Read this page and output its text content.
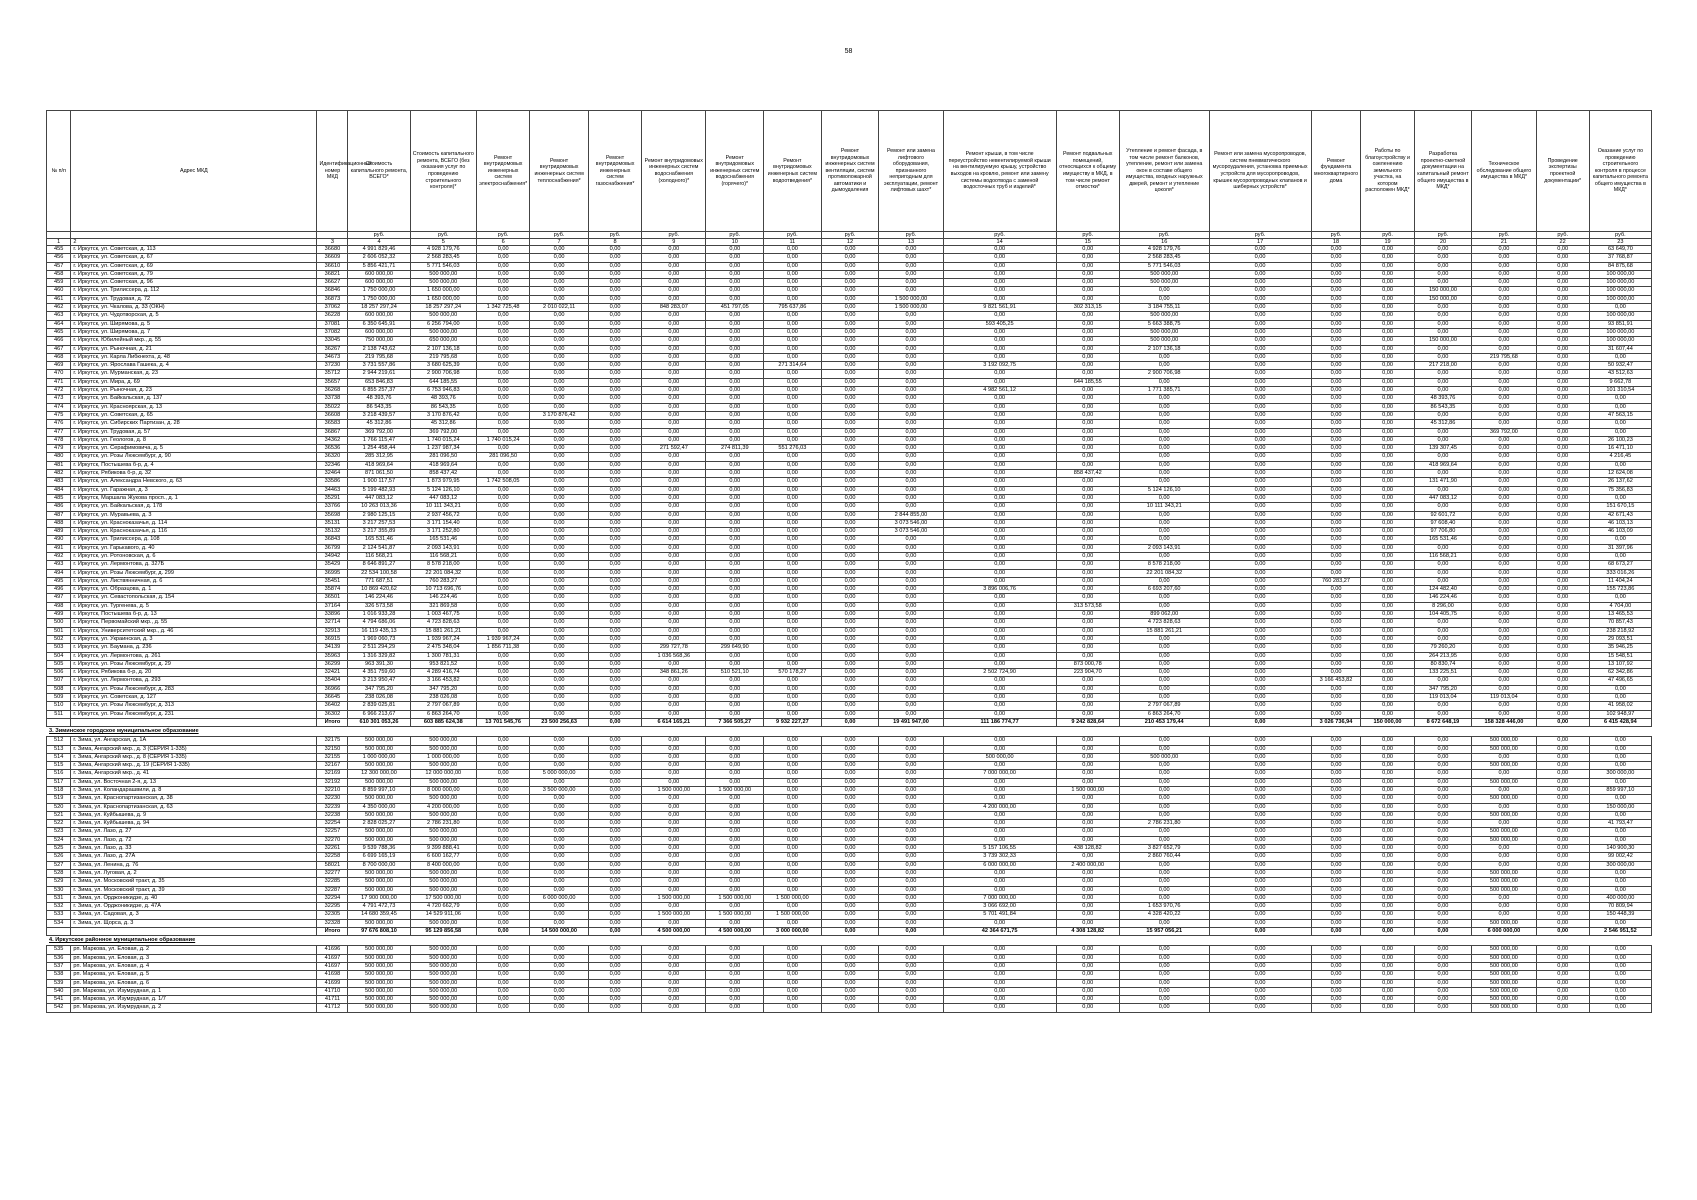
58
№ п/п	Адрес МКД	Идентификационный номер МКД	Стоимость капитального ремонта, ВСЕГО*	Стоимость капитального ремонта, ВСЕГО (без оказания услуг по проведению строительного контроля)*	Ремонт внутридомовых инженерных систем электроснабжения*	Ремонт внутридомовых инженерных систем теплоснабжения*	Ремонт внутридомовых инженерных систем газоснабжения*	Ремонт внутридомовых инженерных систем водоснабжения (холодного)*	Ремонт внутридомовых инженерных систем водоснабжения (горячего)*	Ремонт внутридомовых инженерных систем водоотведения*	Ремонт внутридомовых инженерных систем вентиляции, систем противопожарной автоматики и дымоудаления	Ремонт или замена лифтового оборудования, признанного непригодным для эксплуатации, ремонт лифтовых шахт*	Ремонт крыши, в том числе переустройство невентилируемой крыши на вентилируемую крышу, устройство выходов на кровлю, ремонт или замену системы водоотвода с заменой водосточных труб и изделий*	Ремонт подвальных помещений, относящихся к общему имуществу в МКД, в том числе ремонт отмостки*	Утепление и ремонт фасада, в том числе ремонт балконов, утепление, ремонт или замена окон в составе общего имущества, входных наружных дверей, ремонт и утепление цоколя*	Ремонт или замена мусоропроводов, систем пневматического мусороудаления, установка приемных устройств для мусоропроводов, крышек мусоропроводных клапанов и шиберных устройств*	Ремонт фундамента многоквартирного дома	Работы по благоустройству и озеленению земельного участка, на котором расположен МКД*	Разработка проектно-сметной документации на капитальный ремонт общего имущества в МКД*	Техническое обследование общего имущества в МКД*	Проведение экспертизы проектной документации*	Оказание услуг по проведению строительного контроля в процессе капитального ремонта общего имущества в МКД*
			руб.	руб.	руб.	руб.	руб.	руб.	руб.	руб.	руб.	руб.	руб.	руб.	руб.	руб.	руб.	руб.	руб.	руб.	руб.	руб.
1	2	3	4	5	6	7	8	9	10	11	12	13	14	15	16	17	18	19	20	21	22	23
455	г. Иркутск, ул. Советская, д. 113	36680	4 991 829,46	4 928 179,76	0,00	0,00	0,00	0,00	0,00	0,00	0,00	0,00	0,00	0,00	4 928 179,76	0,00	0,00	0,00	0,00	0,00	0,00	63 649,70
456	г. Иркутск, ул. Советская, д. 67	36609	2 606 052,32	2 568 283,45	0,00	0,00	0,00	0,00	0,00	0,00	0,00	0,00	0,00	0,00	2 568 283,45	0,00	0,00	0,00	0,00	0,00	0,00	37 768,87
457	г. Иркутск, ул. Советская, д. 69	36610	5 856 421,71	5 771 546,03	0,00	0,00	0,00	0,00	0,00	0,00	0,00	0,00	0,00	0,00	5 771 546,03	0,00	0,00	0,00	0,00	0,00	0,00	84 875,68
458	г. Иркутск, ул. Советская, д. 79	36821	600 000,00	500 000,00	0,00	0,00	0,00	0,00	0,00	0,00	0,00	0,00	0,00	0,00	500 000,00	0,00	0,00	0,00	0,00	0,00	0,00	100 000,00
459	г. Иркутск, ул. Советская, д. 96	36627	600 000,00	500 000,00	0,00	0,00	0,00	0,00	0,00	0,00	0,00	0,00	0,00	0,00	500 000,00	0,00	0,00	0,00	0,00	0,00	0,00	100 000,00
460	г. Иркутск, ул. Трилиссера, д. 112	36846	1 750 000,00	1 650 000,00	0,00	0,00	0,00	0,00	0,00	0,00	0,00	0,00	0,00	0,00	0,00	0,00	0,00	0,00	150 000,00	0,00	0,00	100 000,00
461	г. Иркутск, ул. Трудовая, д. 72	36873	1 750 000,00	1 650 000,00	0,00	0,00	0,00	0,00	0,00	0,00	0,00	1 500 000,00	0,00	0,00	0,00	0,00	0,00	0,00	150 000,00	0,00	0,00	100 000,00
462	г. Иркутск, ул. Чкалова, д. 33 (ОКН)	37062	18 257 297,24	18 257 297,24	1 342 725,48	2 010 022,11	0,00	848 283,07	451 797,05	795 637,86	0,00	1 500 000,00	9 821 561,91	302 313,15	3 184 755,11	0,00	0,00	0,00	0,00	0,00	0,00	0,00
463	г. Иркутск, ул. Чудотворская, д. 5	36228	600 000,00	500 000,00	0,00	0,00	0,00	0,00	0,00	0,00	0,00	0,00	0,00	0,00	500 000,00	0,00	0,00	0,00	0,00	0,00	0,00	100 000,00
464	г. Иркутск, ул. Ширямова, д. 5	37081	6 350 645,91	6 256 794,00	0,00	0,00	0,00	0,00	0,00	0,00	0,00	0,00	593 405,25	0,00	5 663 388,75	0,00	0,00	0,00	0,00	0,00	0,00	93 851,91
465	г. Иркутск, ул. Ширямова, д. 7	37082	600 000,00	500 000,00	0,00	0,00	0,00	0,00	0,00	0,00	0,00	0,00	0,00	0,00	500 000,00	0,00	0,00	0,00	0,00	0,00	0,00	100 000,00
466	г. Иркутск, Юбилейный мкр., д. 55	33045	750 000,00	650 000,00	0,00	0,00	0,00	0,00	0,00	0,00	0,00	0,00	0,00	0,00	500 000,00	0,00	0,00	0,00	150 000,00	0,00	0,00	100 000,00
467	г. Иркутск, ул. Рыночная, д. 21	36267	2 138 743,62	2 107 136,18	0,00	0,00	0,00	0,00	0,00	0,00	0,00	0,00	0,00	0,00	2 107 136,18	0,00	0,00	0,00	0,00	0,00	0,00	31 607,44
468	г. Иркутск, ул. Карла Либкнехта, д. 48	34673	219 795,68	219 795,68	0,00	0,00	0,00	0,00	0,00	0,00	0,00	0,00	0,00	0,00	0,00	0,00	0,00	0,00	0,00	219 795,68	0,00	0,00
469	г. Иркутск, ул. Ярослава Гашека, д. 4	37230	3 731 557,86	3 680 625,39	0,00	0,00	0,00	0,00	0,00	271 314,64	0,00	0,00	3 192 092,75	0,00	0,00	0,00	0,00	0,00	217 218,00	0,00	0,00	50 932,47
470	г. Иркутск, ул. Мурманская, д. 23	35712	2 944 219,61	2 900 706,98	0,00	0,00	0,00	0,00	0,00	0,00	0,00	0,00	0,00	0,00	2 900 706,98	0,00	0,00	0,00	0,00	0,00	0,00	43 512,63
471	г. Иркутск, ул. Мира, д. 69	35657	653 846,83	644 185,55	0,00	0,00	0,00	0,00	0,00	0,00	0,00	0,00	0,00	644 185,55	0,00	0,00	0,00	0,00	0,00	0,00	0,00	9 662,78
472	г. Иркутск, ул. Рыночная, д. 23	36268	6 855 257,37	6 753 946,83	0,00	0,00	0,00	0,00	0,00	0,00	0,00	0,00	4 982 561,12	0,00	1 771 385,71	0,00	0,00	0,00	0,00	0,00	0,00	101 310,54
473	г. Иркутск, ул. Байкальская, д. 137	33738	48 393,76	48 393,76	0,00	0,00	0,00	0,00	0,00	0,00	0,00	0,00	0,00	0,00	0,00	0,00	0,00	0,00	48 393,76	0,00	0,00	0,00
474	г. Иркутск, ул. Красноярская, д. 13	35022	86 543,35	86 543,35	0,00	0,00	0,00	0,00	0,00	0,00	0,00	0,00	0,00	0,00	0,00	0,00	0,00	0,00	86 543,35	0,00	0,00	0,00
475	г. Иркутск, ул. Советская, д. 65	36608	3 218 439,57	3 170 876,42	0,00	3 170 876,42	0,00	0,00	0,00	0,00	0,00	0,00	0,00	0,00	0,00	0,00	0,00	0,00	0,00	0,00	0,00	47 563,15
476	г. Иркутск, ул. Сибирских Партизан, д. 28	36583	45 312,86	45 312,86	0,00	0,00	0,00	0,00	0,00	0,00	0,00	0,00	0,00	0,00	0,00	0,00	0,00	0,00	45 312,86	0,00	0,00	0,00
477	г. Иркутск, ул. Трудовая, д. 57	36867	369 792,00	369 792,00	0,00	0,00	0,00	0,00	0,00	0,00	0,00	0,00	0,00	0,00	0,00	0,00	0,00	0,00	0,00	369 792,00	0,00	0,00
478	г. Иркутск, ул. Геологов, д. 8	34362	1 766 115,47	1 740 015,24	1 740 015,24	0,00	0,00	0,00	0,00	0,00	0,00	0,00	0,00	0,00	0,00	0,00	0,00	0,00	0,00	0,00	0,00	26 100,23
479	г. Иркутск, ул. Серафимовича, д. 5	36536	1 254 458,44	1 237 987,34	0,00	0,00	0,00	271 592,47	274 811,39	551 276,03	0,00	0,00	0,00	0,00	0,00	0,00	0,00	0,00	139 307,45	0,00	0,00	16 471,10
480	г. Иркутск, ул. Розы Люксембург, д. 90	36320	285 312,95	281 096,50	281 096,50	0,00	0,00	0,00	0,00	0,00	0,00	0,00	0,00	0,00	0,00	0,00	0,00	0,00	0,00	0,00	0,00	4 216,45
481	г. Иркутск, Постышева б-р, д. 4	32346	418 969,64	418 969,64	0,00	0,00	0,00	0,00	0,00	0,00	0,00	0,00	0,00	0,00	0,00	0,00	0,00	0,00	418 969,64	0,00	0,00	0,00
482	г. Иркутск, Рябикова б-р, д. 32	32464	871 061,50	858 437,42	0,00	0,00	0,00	0,00	0,00	0,00	0,00	0,00	0,00	858 437,42	0,00	0,00	0,00	0,00	0,00	0,00	0,00	12 624,08
483	г. Иркутск, ул. Александра Невского, д. 63	33586	1 900 117,57	1 873 979,95	1 742 508,05	0,00	0,00	0,00	0,00	0,00	0,00	0,00	0,00	0,00	0,00	0,00	0,00	0,00	131 471,90	0,00	0,00	26 137,62
484	г. Иркутск, ул. Гаражная, д. 3	34463	5 199 482,93	5 124 126,10	0,00	0,00	0,00	0,00	0,00	0,00	0,00	0,00	0,00	0,00	5 124 126,10	0,00	0,00	0,00	0,00	0,00	0,00	75 356,83
485	г. Иркутск, Маршала Жукова просп., д. 1	35291	447 083,12	447 083,12	0,00	0,00	0,00	0,00	0,00	0,00	0,00	0,00	0,00	0,00	0,00	0,00	0,00	0,00	447 083,12	0,00	0,00	0,00
486	г. Иркутск, ул. Байкальская, д. 178	33766	10 263 013,36	10 111 343,21	0,00	0,00	0,00	0,00	0,00	0,00	0,00	0,00	0,00	0,00	10 111 343,21	0,00	0,00	0,00	0,00	0,00	0,00	151 670,15
487	г. Иркутск, ул. Муравьева, д. 3	35698	2 980 125,15	2 937 456,72	0,00	0,00	0,00	0,00	0,00	0,00	0,00	2 844 855,00	0,00	0,00	0,00	0,00	0,00	0,00	92 601,72	0,00	0,00	42 671,43
488	г. Иркутск, ул. Красноказачья, д. 114	35131	3 217 257,53	3 171 154,40	0,00	0,00	0,00	0,00	0,00	0,00	0,00	3 073 546,00	0,00	0,00	0,00	0,00	0,00	0,00	97 608,40	0,00	0,00	46 103,13
489	г. Иркутск, ул. Красноказачья, д. 116	35132	3 217 355,89	3 171 252,80	0,00	0,00	0,00	0,00	0,00	0,00	0,00	3 073 546,00	0,00	0,00	0,00	0,00	0,00	0,00	97 706,80	0,00	0,00	46 103,09
490	г. Иркутск, ул. Трилиссера, д. 108	36843	165 531,46	165 531,46	0,00	0,00	0,00	0,00	0,00	0,00	0,00	0,00	0,00	0,00	0,00	0,00	0,00	0,00	165 531,46	0,00	0,00	0,00
491	г. Иркутск, ул. Гарькавого, д. 40	36799	2 124 541,87	2 093 143,91	0,00	0,00	0,00	0,00	0,00	0,00	0,00	0,00	0,00	0,00	2 093 143,91	0,00	0,00	0,00	0,00	0,00	0,00	31 397,96
492	г. Иркутск, ул. Ротоновская, д. 6	34942	116 568,21	116 568,21	0,00	0,00	0,00	0,00	0,00	0,00	0,00	0,00	0,00	0,00	0,00	0,00	0,00	0,00	116 568,21	0,00	0,00	0,00
493	г. Иркутск, ул. Лермонтова, д. 327Б	35429	8 646 891,27	8 578 218,00	0,00	0,00	0,00	0,00	0,00	0,00	0,00	0,00	0,00	0,00	8 578 218,00	0,00	0,00	0,00	0,00	0,00	0,00	68 673,27
494	г. Иркутск, ул. Розы Люксембург, д. 299	36995	22 534 100,58	22 201 084,32	0,00	0,00	0,00	0,00	0,00	0,00	0,00	0,00	0,00	0,00	22 201 084,32	0,00	0,00	0,00	0,00	0,00	0,00	333 016,26
495	г. Иркутск, ул. Листвянничная, д. 6	35451	771 687,51	760 283,27	0,00	0,00	0,00	0,00	0,00	0,00	0,00	0,00	0,00	0,00	0,00	0,00	760 283,27	0,00	0,00	0,00	0,00	11 404,24
496	г. Иркутск, ул. Образцова, д. 1	35874	10 869 420,62	10 713 696,76	0,00	0,00	0,00	0,00	0,00	0,00	0,00	0,00	3 896 006,76	0,00	6 693 207,60	0,00	0,00	0,00	124 482,40	0,00	0,00	155 723,86
497	г. Иркутск, ул. Севастопольская, д. 154	36501	146 224,46	146 224,46	0,00	0,00	0,00	0,00	0,00	0,00	0,00	0,00	0,00	0,00	0,00	0,00	0,00	0,00	146 224,46	0,00	0,00	0,00
498	г. Иркутск, ул. Тургенева, д. 5	37164	326 573,58	321 869,58	0,00	0,00	0,00	0,00	0,00	0,00	0,00	0,00	0,00	313 573,58	0,00	0,00	0,00	0,00	8 296,00	0,00	0,00	4 704,00
499	г. Иркутск, Постышева б-р, д. 13	33896	1 016 933,28	1 003 467,75	0,00	0,00	0,00	0,00	0,00	0,00	0,00	0,00	0,00	0,00	899 062,00	0,00	0,00	0,00	104 405,75	0,00	0,00	13 465,53
500	г. Иркутск, Первомайский мкр., д. 55	32714	4 794 686,06	4 723 828,63	0,00	0,00	0,00	0,00	0,00	0,00	0,00	0,00	0,00	0,00	4 723 828,63	0,00	0,00	0,00	0,00	0,00	0,00	70 857,43
501	г. Иркутск, Университетский мкр., д. 46	32913	16 119 435,13	15 881 261,21	0,00	0,00	0,00	0,00	0,00	0,00	0,00	0,00	0,00	0,00	15 881 261,21	0,00	0,00	0,00	0,00	0,00	0,00	238 218,92
502	г. Иркутск, ул. Украинская, д. 3	36915	1 969 060,73	1 939 967,24	1 939 967,24	0,00	0,00	0,00	0,00	0,00	0,00	0,00	0,00	0,00	0,00	0,00	0,00	0,00	0,00	0,00	0,00	29 093,51
503	г. Иркутск, ул. Баумана, д. 236	34139	2 511 294,29	2 475 348,04	1 856 711,38	0,00	0,00	299 727,78	299 649,90	0,00	0,00	0,00	0,00	0,00	0,00	0,00	0,00	0,00	79 260,20	0,00	0,00	35 946,25
504	г. Иркутск, ул. Лермонтова, д. 261	35963	1 316 329,82	1 300 781,31	0,00	0,00	0,00	1 036 568,36	0,00	0,00	0,00	0,00	0,00	0,00	0,00	0,00	0,00	0,00	264 213,95	0,00	0,00	15 548,51
505	г. Иркутск, ул. Розы Люксембург, д. 29	36299	963 391,30	953 821,52	0,00	0,00	0,00	0,00	0,00	0,00	0,00	0,00	0,00	873 000,78	0,00	0,00	0,00	0,00	80 830,74	0,00	0,00	13 107,92
506	г. Иркутск, Рябикова б-р, д. 20	32421	4 351 759,60	4 289 416,74	0,00	0,00	0,00	348 861,26	510 521,10	570 178,27	0,00	0,00	2 502 724,90	223 904,70	0,00	0,00	0,00	0,00	133 225,51	0,00	0,00	62 342,86
507	г. Иркутск, ул. Лермонтова, д. 293	35404	3 213 950,47	3 166 453,82	0,00	0,00	0,00	0,00	0,00	0,00	0,00	0,00	0,00	0,00	0,00	0,00	3 166 453,82	0,00	0,00	0,00	0,00	47 496,65
508	г. Иркутск, ул. Розы Люксембург, д. 283	36966	347 795,20	347 795,20	0,00	0,00	0,00	0,00	0,00	0,00	0,00	0,00	0,00	0,00	0,00	0,00	0,00	0,00	347 795,20	0,00	0,00	0,00
509	г. Иркутск, ул. Советская, д. 127	36645	238 026,08	238 026,08	0,00	0,00	0,00	0,00	0,00	0,00	0,00	0,00	0,00	0,00	0,00	0,00	0,00	0,00	119 013,04	119 013,04	0,00	0,00
510	г. Иркутск, ул. Розы Люксембург, д. 313	36402	2 839 025,81	2 797 067,89	0,00	0,00	0,00	0,00	0,00	0,00	0,00	0,00	0,00	0,00	2 797 067,89	0,00	0,00	0,00	0,00	0,00	0,00	41 958,02
511	г. Иркутск, ул. Розы Люксембург, д. 231	36302	6 966 213,67	6 863 264,70	0,00	0,00	0,00	0,00	0,00	0,00	0,00	0,00	0,00	0,00	6 863 264,70	0,00	0,00	0,00	0,00	0,00	0,00	102 948,97
		Итого	610 301 053,26	603 885 624,38	13 701 545,76	23 500 256,63	0,00	6 614 165,21	7 366 505,27	9 932 227,27	0,00	19 491 947,00	111 186 774,77	9 242 828,64	210 453 179,44	0,00	3 026 736,94	150 000,00	8 672 648,19	158 328 446,00	0,00	6 415 428,94
3. Зиминское городское муниципальное образование																						
512	г. Зима, ул. Ангарская, д. 1А	32175	500 000,00	500 000,00	0,00	0,00	0,00	0,00	0,00	0,00	0,00	0,00	0,00	0,00	0,00	0,00	0,00	0,00	0,00	500 000,00	0,00	0,00
513	г. Зима, Ангарский мкр., д. 3 (СЕРИЯ 1-335)	32150	500 000,00	500 000,00	0,00	0,00	0,00	0,00	0,00	0,00	0,00	0,00	0,00	0,00	0,00	0,00	0,00	0,00	0,00	500 000,00	0,00	0,00
514	г. Зима, Ангарский мкр., д. 8 (СЕРИЯ 1-335)	32155	1 000 000,00	1 000 000,00	0,00	0,00	0,00	0,00	0,00	0,00	0,00	0,00	500 000,00	0,00	500 000,00	0,00	0,00	0,00	0,00	0,00	0,00	0,00
515	г. Зима, Ангарский мкр., д. 19 (СЕРИЯ 1-335)	32167	500 000,00	500 000,00	0,00	0,00	0,00	0,00	0,00	0,00	0,00	0,00	0,00	0,00	0,00	0,00	0,00	0,00	0,00	500 000,00	0,00	0,00
516	г. Зима, Ангарский мкр., д. 41	32169	12 300 000,00	12 000 000,00	0,00	5 000 000,00	0,00	0,00	0,00	0,00	0,00	0,00	7 000 000,00	0,00	0,00	0,00	0,00	0,00	0,00	0,00	0,00	300 000,00
517	г. Зима, ул. Восточная 2-я, д. 13	32192	500 000,00	500 000,00	0,00	0,00	0,00	0,00	0,00	0,00	0,00	0,00	0,00	0,00	0,00	0,00	0,00	0,00	0,00	500 000,00	0,00	0,00
518	г. Зима, ул. Коландарашвили, д. 8	32210	8 859 997,10	8 000 000,00	0,00	3 500 000,00	0,00	1 500 000,00	1 500 000,00	0,00	0,00	0,00	0,00	1 500 000,00	0,00	0,00	0,00	0,00	0,00	0,00	0,00	859 997,10
519	г. Зима, ул. Краснопартизанская, д. 38	32230	500 000,00	500 000,00	0,00	0,00	0,00	0,00	0,00	0,00	0,00	0,00	0,00	0,00	0,00	0,00	0,00	0,00	0,00	500 000,00	0,00	0,00
520	г. Зима, ул. Краснопартизанская, д. 63	32239	4 350 000,00	4 200 000,00	0,00	0,00	0,00	0,00	0,00	0,00	0,00	0,00	4 200 000,00	0,00	0,00	0,00	0,00	0,00	0,00	0,00	0,00	150 000,00
521	г. Зима, ул. Куйбышева, д. 9	32238	500 000,00	500 000,00	0,00	0,00	0,00	0,00	0,00	0,00	0,00	0,00	0,00	0,00	0,00	0,00	0,00	0,00	0,00	500 000,00	0,00	0,00
522	г. Зима, ул. Куйбышева, д. 94	32254	2 828 025,27	2 786 231,80	0,00	0,00	0,00	0,00	0,00	0,00	0,00	0,00	0,00	0,00	2 786 231,80	0,00	0,00	0,00	0,00	0,00	0,00	41 793,47
523	г. Зима, ул. Лазо, д. 27	32257	500 000,00	500 000,00	0,00	0,00	0,00	0,00	0,00	0,00	0,00	0,00	0,00	0,00	0,00	0,00	0,00	0,00	0,00	500 000,00	0,00	0,00
524	г. Зима, ул. Лазо, д. 72	32270	500 000,00	500 000,00	0,00	0,00	0,00	0,00	0,00	0,00	0,00	0,00	0,00	0,00	0,00	0,00	0,00	0,00	0,00	500 000,00	0,00	0,00
525	г. Зима, ул. Лазо, д. 33	32261	9 539 788,36	9 399 888,41	0,00	0,00	0,00	0,00	0,00	0,00	0,00	0,00	5 157 106,55	438 128,82	3 827 652,79	0,00	0,00	0,00	0,00	0,00	0,00	140 900,30
526	г. Зима, ул. Лазо, д. 27А	32258	6 699 165,19	6 600 162,77	0,00	0,00	0,00	0,00	0,00	0,00	0,00	0,00	3 739 302,33	0,00	2 860 760,44	0,00	0,00	0,00	0,00	0,00	0,00	99 002,42
527	г. Зима, ул. Ленина, д. 76	58021	8 700 000,00	8 400 000,00	0,00	0,00	0,00	0,00	0,00	0,00	0,00	0,00	6 000 000,00	2 400 000,00	0,00	0,00	0,00	0,00	0,00	0,00	0,00	300 000,00
528	г. Зима, ул. Луговая, д. 2	32277	500 000,00	500 000,00	0,00	0,00	0,00	0,00	0,00	0,00	0,00	0,00	0,00	0,00	0,00	0,00	0,00	0,00	0,00	500 000,00	0,00	0,00
529	г. Зима, ул. Московский тракт, д. 35	32285	500 000,00	500 000,00	0,00	0,00	0,00	0,00	0,00	0,00	0,00	0,00	0,00	0,00	0,00	0,00	0,00	0,00	0,00	500 000,00	0,00	0,00
530	г. Зима, ул. Московский тракт, д. 39	32287	500 000,00	500 000,00	0,00	0,00	0,00	0,00	0,00	0,00	0,00	0,00	0,00	0,00	0,00	0,00	0,00	0,00	0,00	500 000,00	0,00	0,00
531	г. Зима, ул. Орджоникидзе, д. 40	32294	17 900 000,00	17 500 000,00	0,00	6 000 000,00	0,00	1 500 000,00	1 500 000,00	1 500 000,00	0,00	0,00	7 000 000,00	0,00	0,00	0,00	0,00	0,00	0,00	0,00	0,00	400 000,00
532	г. Зима, ул. Орджоникидзе, д. 47А	32295	4 791 472,73	4 720 662,79	0,00	0,00	0,00	0,00	0,00	0,00	0,00	0,00	3 066 692,00	0,00	1 653 970,76	0,00	0,00	0,00	0,00	0,00	0,00	70 809,94
533	г. Зима, ул. Садовая, д. 3	32305	14 680 359,45	14 529 911,06	0,00	0,00	0,00	1 500 000,00	1 500 000,00	1 500 000,00	0,00	0,00	5 701 491,84	0,00	4 328 420,22	0,00	0,00	0,00	0,00	0,00	0,00	150 448,39
534	г. Зима, ул. Щорса, д. 3	32328	500 000,00	500 000,00	0,00	0,00	0,00	0,00	0,00	0,00	0,00	0,00	0,00	0,00	0,00	0,00	0,00	0,00	0,00	500 000,00	0,00	0,00
		Итого	97 676 808,10	95 129 856,58	0,00	14 500 000,00	0,00	4 500 000,00	4 500 000,00	3 000 000,00	0,00	0,00	42 364 671,75	4 308 128,82	15 957 056,21	0,00	0,00	0,00	0,00	6 000 000,00	0,00	2 546 951,52
4. Иркутское районное муниципальное образование																						
535	рп. Маркова, ул. Еловая, д. 2	41696	500 000,00	500 000,00	0,00	0,00	0,00	0,00	0,00	0,00	0,00	0,00	0,00	0,00	0,00	0,00	0,00	0,00	0,00	500 000,00	0,00	0,00
536	рп. Маркова, ул. Еловая, д. 3	41697	500 000,00	500 000,00	0,00	0,00	0,00	0,00	0,00	0,00	0,00	0,00	0,00	0,00	0,00	0,00	0,00	0,00	0,00	500 000,00	0,00	0,00
537	рп. Маркова, ул. Еловая, д. 4	41697	500 000,00	500 000,00	0,00	0,00	0,00	0,00	0,00	0,00	0,00	0,00	0,00	0,00	0,00	0,00	0,00	0,00	0,00	500 000,00	0,00	0,00
538	рп. Маркова, ул. Еловая, д. 5	41698	500 000,00	500 000,00	0,00	0,00	0,00	0,00	0,00	0,00	0,00	0,00	0,00	0,00	0,00	0,00	0,00	0,00	0,00	500 000,00	0,00	0,00
539	рп. Маркова, ул. Еловая, д. 6	41699	500 000,00	500 000,00	0,00	0,00	0,00	0,00	0,00	0,00	0,00	0,00	0,00	0,00	0,00	0,00	0,00	0,00	0,00	500 000,00	0,00	0,00
540	рп. Маркова, ул. Изумрудная, д. 1	41710	500 000,00	500 000,00	0,00	0,00	0,00	0,00	0,00	0,00	0,00	0,00	0,00	0,00	0,00	0,00	0,00	0,00	0,00	500 000,00	0,00	0,00
541	рп. Маркова, ул. Изумрудная, д. 1/7	41711	500 000,00	500 000,00	0,00	0,00	0,00	0,00	0,00	0,00	0,00	0,00	0,00	0,00	0,00	0,00	0,00	0,00	0,00	500 000,00	0,00	0,00
542	рп. Маркова, ул. Изумрудная, д. 2	41712	500 000,00	500 000,00	0,00	0,00	0,00	0,00	0,00	0,00	0,00	0,00	0,00	0,00	0,00	0,00	0,00	0,00	0,00	500 000,00	0,00	0,00
